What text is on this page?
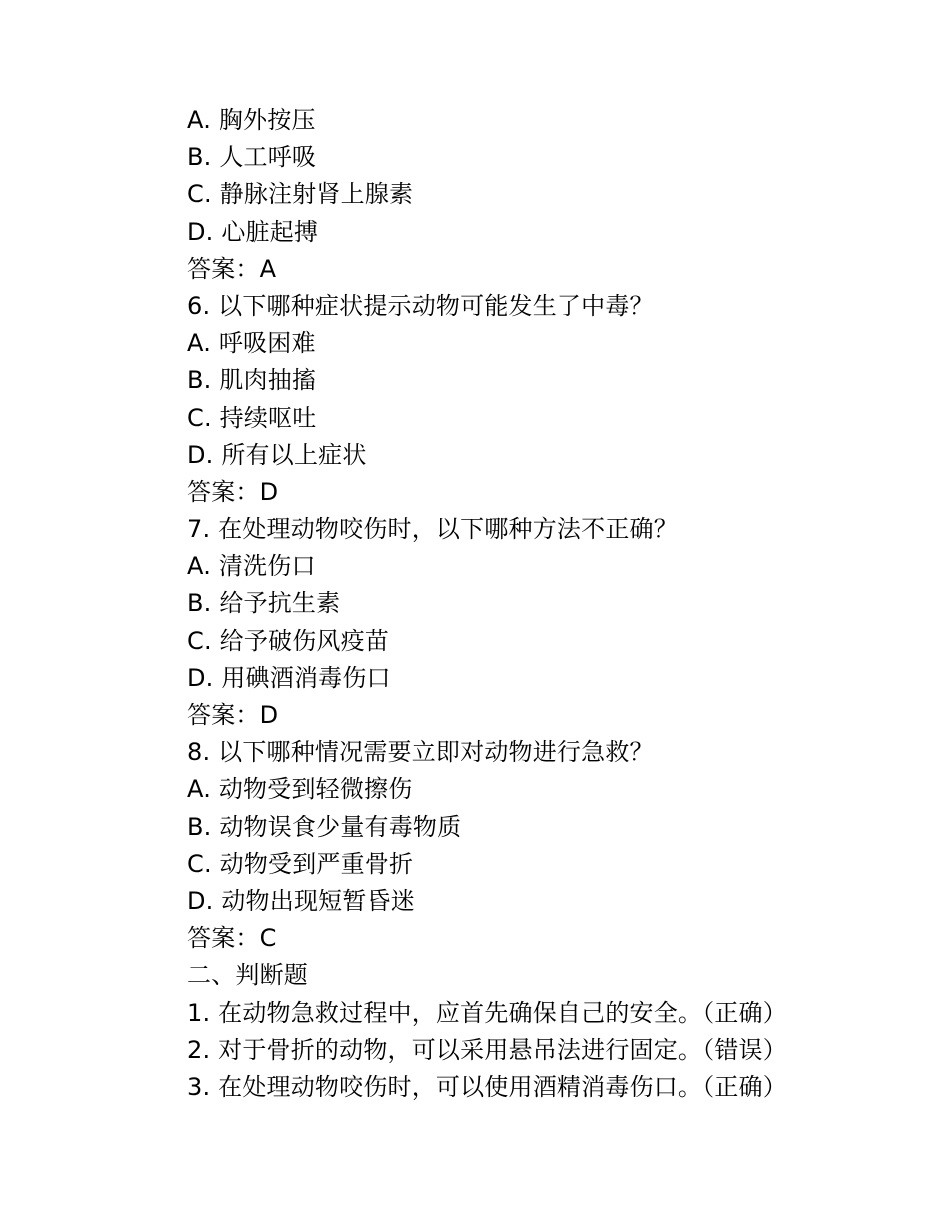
A. 胸外按压
B. 人工呼吸
C. 静脉注射肾上腺素
D. 心脏起搏
答案：A
6. 以下哪种症状提示动物可能发生了中毒？
A. 呼吸困难
B. 肌肉抽搐
C. 持续呕吐
D. 所有以上症状
答案：D
7. 在处理动物咬伤时，以下哪种方法不正确？
A. 清洗伤口
B. 给予抗生素
C. 给予破伤风疫苗
D. 用碘酒消毒伤口
答案：D
8. 以下哪种情况需要立即对动物进行急救？
A. 动物受到轻微擦伤
B. 动物误食少量有毒物质
C. 动物受到严重骨折
D. 动物出现短暂昏迷
答案：C
二、判断题
1. 在动物急救过程中，应首先确保自己的安全。（正确）
2. 对于骨折的动物，可以采用悬吊法进行固定。（错误）
3. 在处理动物咬伤时，可以使用酒精消毒伤口。（正确）
